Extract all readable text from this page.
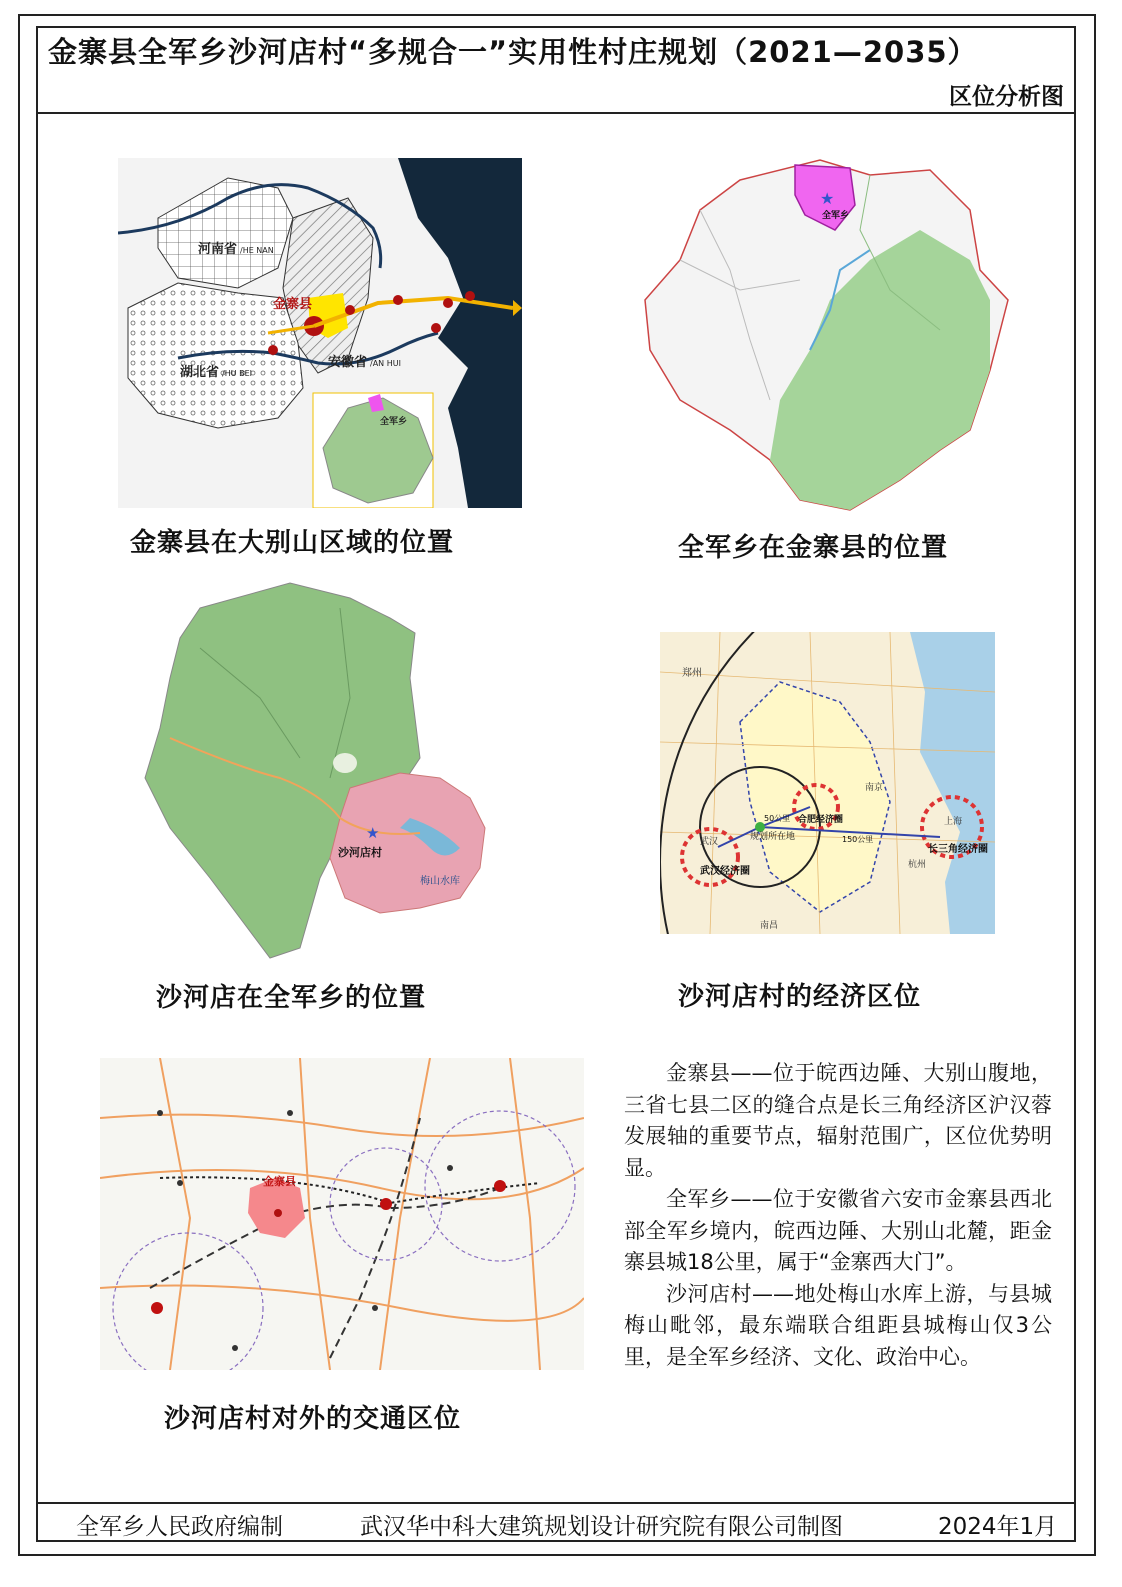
金寨县全军乡沙河店村“多规合一”实用性村庄规划（2021—2035）
区位分析图
河南省 /HE NAN
湖北省 /HU BEI
安徽省 /AN HUI
金寨县
全军乡
金寨县在大别山区域的位置
★
全军乡
全军乡在金寨县的位置
★
沙河店村
梅山水库
沙河店在全军乡的位置
郑州
武汉
武汉经济圈
合肥经济圈
长三角经济圈
规划所在地
50公里
150公里
上海
杭州
南京
南昌
沙河店村的经济区位
金寨县
沙河店村对外的交通区位

金寨县——位于皖西边陲、大别山腹地，三省七县二区的缝合点是长三角经济区沪汉蓉发展轴的重要节点，辐射范围广，区位优势明显。

全军乡——位于安徽省六安市金寨县西北部全军乡境内，皖西边陲、大别山北麓，距金寨县城18公里，属于“金寨西大门”。

沙河店村——地处梅山水库上游，与县城梅山毗邻，最东端联合组距县城梅山仅3公里，是全军乡经济、文化、政治中心。

全军乡人民政府编制	武汉华中科大建筑规划设计研究院有限公司制图	2024年1月
